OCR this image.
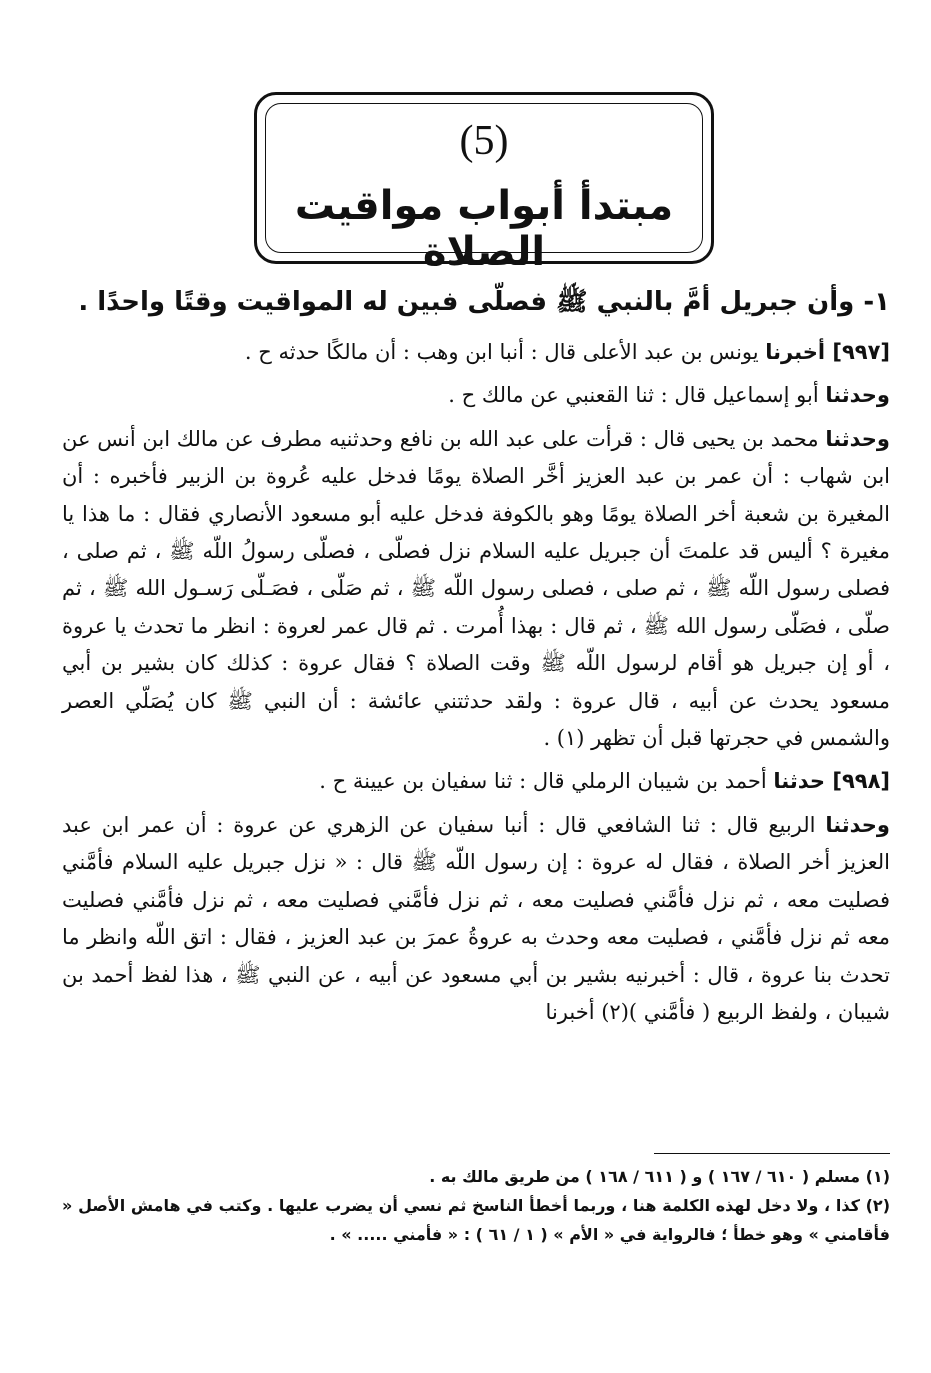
(5)
مبتدأ أبواب مواقيت الصلاة

١- وأن جبريل أمَّ بالنبي ﷺ فصلّى فبين له المواقيت وقتًا واحدًا .

[٩٩٧] أخبرنا يونس بن عبد الأعلى قال : أنبا ابن وهب : أن مالكًا حدثه ح .

وحدثنا أبو إسماعيل قال : ثنا القعنبي عن مالك ح .

وحدثنا محمد بن يحيى قال : قرأت على عبد الله بن نافع وحدثنيه مطرف عن مالك ابن أنس عن ابن شهاب : أن عمر بن عبد العزيز أخَّر الصلاة يومًا فدخل عليه عُروة بن الزبير فأخبره : أن المغيرة بن شعبة أخر الصلاة يومًا وهو بالكوفة فدخل عليه أبو مسعود الأنصاري فقال : ما هذا يا مغيرة ؟ أليس قد علمتَ أن جبريل عليه السلام نزل فصلّى ، فصلّى رسولُ اللّه ﷺ ، ثم صلى ، فصلى رسول اللّه ﷺ ، ثم صلى ، فصلى رسول اللّه ﷺ ، ثم صَلّى ، فصَـلّى رَسـول الله ﷺ ، ثم صلّى ، فصَلّى رسول الله ﷺ ، ثم قال : بهذا أُمرت . ثم قال عمر لعروة : انظر ما تحدث يا عروة ، أو إن جبريل هو أقام لرسول اللّه ﷺ وقت الصلاة ؟ فقال عروة : كذلك كان بشير بن أبي مسعود يحدث عن أبيه ، قال عروة : ولقد حدثتني عائشة : أن النبي ﷺ كان يُصَلّي العصر والشمس في حجرتها قبل أن تظهر (١) .

[٩٩٨] حدثنا أحمد بن شيبان الرملي قال : ثنا سفيان بن عيينة ح .

وحدثنا الربيع قال : ثنا الشافعي قال : أنبا سفيان عن الزهري عن عروة : أن عمر ابن عبد العزيز أخر الصلاة ، فقال له عروة : إن رسول اللّه ﷺ قال : « نزل جبريل عليه السلام فأمَّني فصليت معه ، ثم نزل فأمَّني فصليت معه ، ثم نزل فأمَّني فصليت معه ، ثم نزل فأمَّني فصليت معه ثم نزل فأمَّني ، فصليت معه وحدث به عروةُ عمرَ بن عبد العزيز ، فقال : اتق اللّه وانظر ما تحدث بنا عروة ، قال : أخبرنيه بشير بن أبي مسعود عن أبيه ، عن النبي ﷺ ، هذا لفظ أحمد بن شيبان ، ولفظ الربيع ( فأمَّني )(٢) أخبرنا

(١) مسلم ( ٦١٠ / ١٦٧ ) و ( ٦١١ / ١٦٨ ) من طريق مالك به .

(٢) كذا ، ولا دخل لهذه الكلمة هنا ، وربما أخطأ الناسخ ثم نسي أن يضرب عليها . وكتب في هامش الأصل « فأقامني » وهو خطأ ؛ فالرواية في « الأم » ( ١ / ٦١ ) : « فأمني ..... » .
